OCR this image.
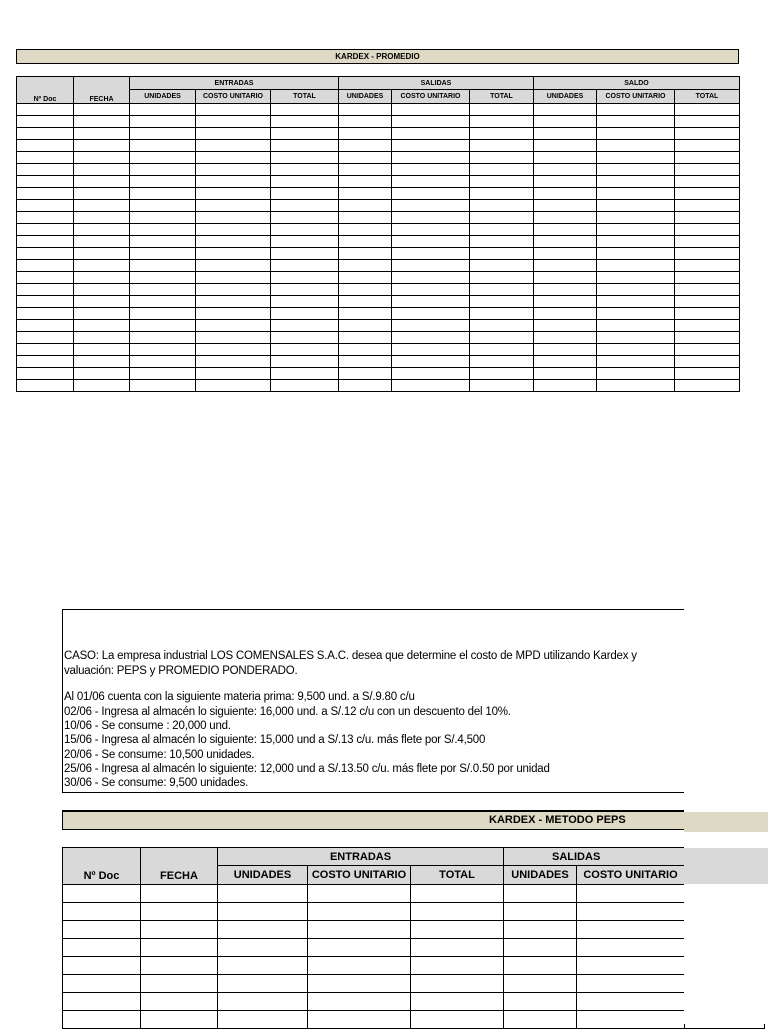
KARDEX - PROMEDIO
Nº Doc	FECHA	ENTRADAS			SALIDAS			SALDO		
		UNIDADES	COSTO UNITARIO	TOTAL	UNIDADES	COSTO UNITARIO	TOTAL	UNIDADES	COSTO UNITARIO	TOTAL

CASO: La empresa industrial LOS COMENSALES S.A.C. desea que determine el costo de MPD utilizando Kardex y
valuación: PEPS y PROMEDIO PONDERADO.
Al 01/06 cuenta con la siguiente materia prima: 9,500 und. a S/.9.80 c/u
02/06 - Ingresa al almacén lo siguiente: 16,000 und. a S/.12 c/u con un descuento del 10%.
10/06 - Se consume : 20,000 und.
15/06 - Ingresa al almacén lo siguiente: 15,000 und a S/.13 c/u. más flete por S/.4,500
20/06 - Se consume: 10,500 unidades.
25/06 - Ingresa al almacén lo siguiente: 12,000 und a S/.13.50 c/u. más flete por S/.0.50 por unidad
30/06 - Se consume: 9,500 unidades.
KARDEX - METODO PEPS
Nº Doc	FECHA	ENTRADAS			SALIDAS		
		UNIDADES	COSTO UNITARIO	TOTAL	UNIDADES	COSTO UNITARIO	
